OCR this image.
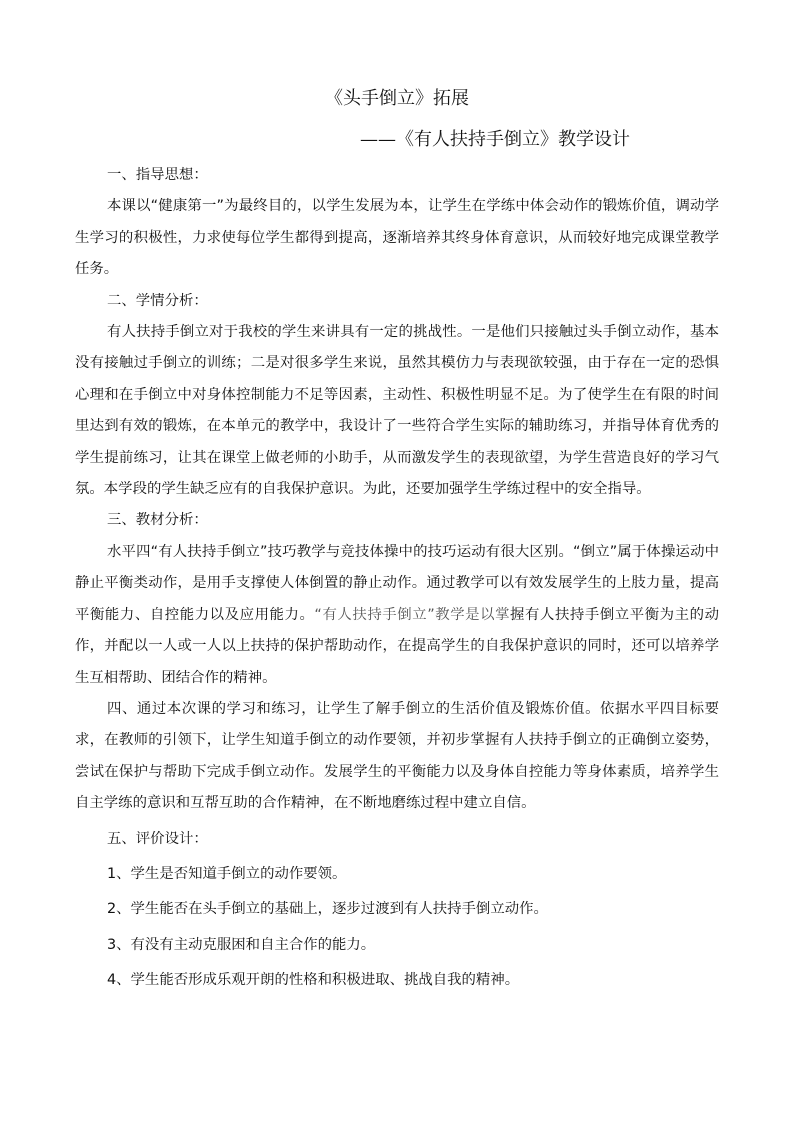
《头手倒立》拓展
——《有人扶持手倒立》教学设计

一、指导思想：

本课以“健康第一”为最终目的，以学生发展为本，让学生在学练中体会动作的锻炼价值，调动学生学习的积极性，力求使每位学生都得到提高，逐渐培养其终身体育意识，从而较好地完成课堂教学任务。

二、学情分析：

有人扶持手倒立对于我校的学生来讲具有一定的挑战性。一是他们只接触过头手倒立动作，基本没有接触过手倒立的训练；二是对很多学生来说，虽然其模仿力与表现欲较强，由于存在一定的恐惧心理和在手倒立中对身体控制能力不足等因素，主动性、积极性明显不足。为了使学生在有限的时间里达到有效的锻炼，在本单元的教学中，我设计了一些符合学生实际的辅助练习，并指导体育优秀的学生提前练习，让其在课堂上做老师的小助手，从而激发学生的表现欲望，为学生营造良好的学习气氛。本学段的学生缺乏应有的自我保护意识。为此，还要加强学生学练过程中的安全指导。

三、教材分析：

水平四“有人扶持手倒立”技巧教学与竞技体操中的技巧运动有很大区别。“倒立”属于体操运动中静止平衡类动作，是用手支撑使人体倒置的静止动作。通过教学可以有效发展学生的上肢力量，提高平衡能力、自控能力以及应用能力。“有人扶持手倒立”教学是以掌握有人扶持手倒立平衡为主的动作，并配以一人或一人以上扶持的保护帮助动作，在提高学生的自我保护意识的同时，还可以培养学生互相帮助、团结合作的精神。

四、通过本次课的学习和练习，让学生了解手倒立的生活价值及锻炼价值。依据水平四目标要求，在教师的引领下，让学生知道手倒立的动作要领，并初步掌握有人扶持手倒立的正确倒立姿势，尝试在保护与帮助下完成手倒立动作。发展学生的平衡能力以及身体自控能力等身体素质，培养学生自主学练的意识和互帮互助的合作精神，在不断地磨练过程中建立自信。

五、评价设计：

1、学生是否知道手倒立的动作要领。

2、学生能否在头手倒立的基础上，逐步过渡到有人扶持手倒立动作。

3、有没有主动克服困和自主合作的能力。

4、学生能否形成乐观开朗的性格和积极进取、挑战自我的精神。
